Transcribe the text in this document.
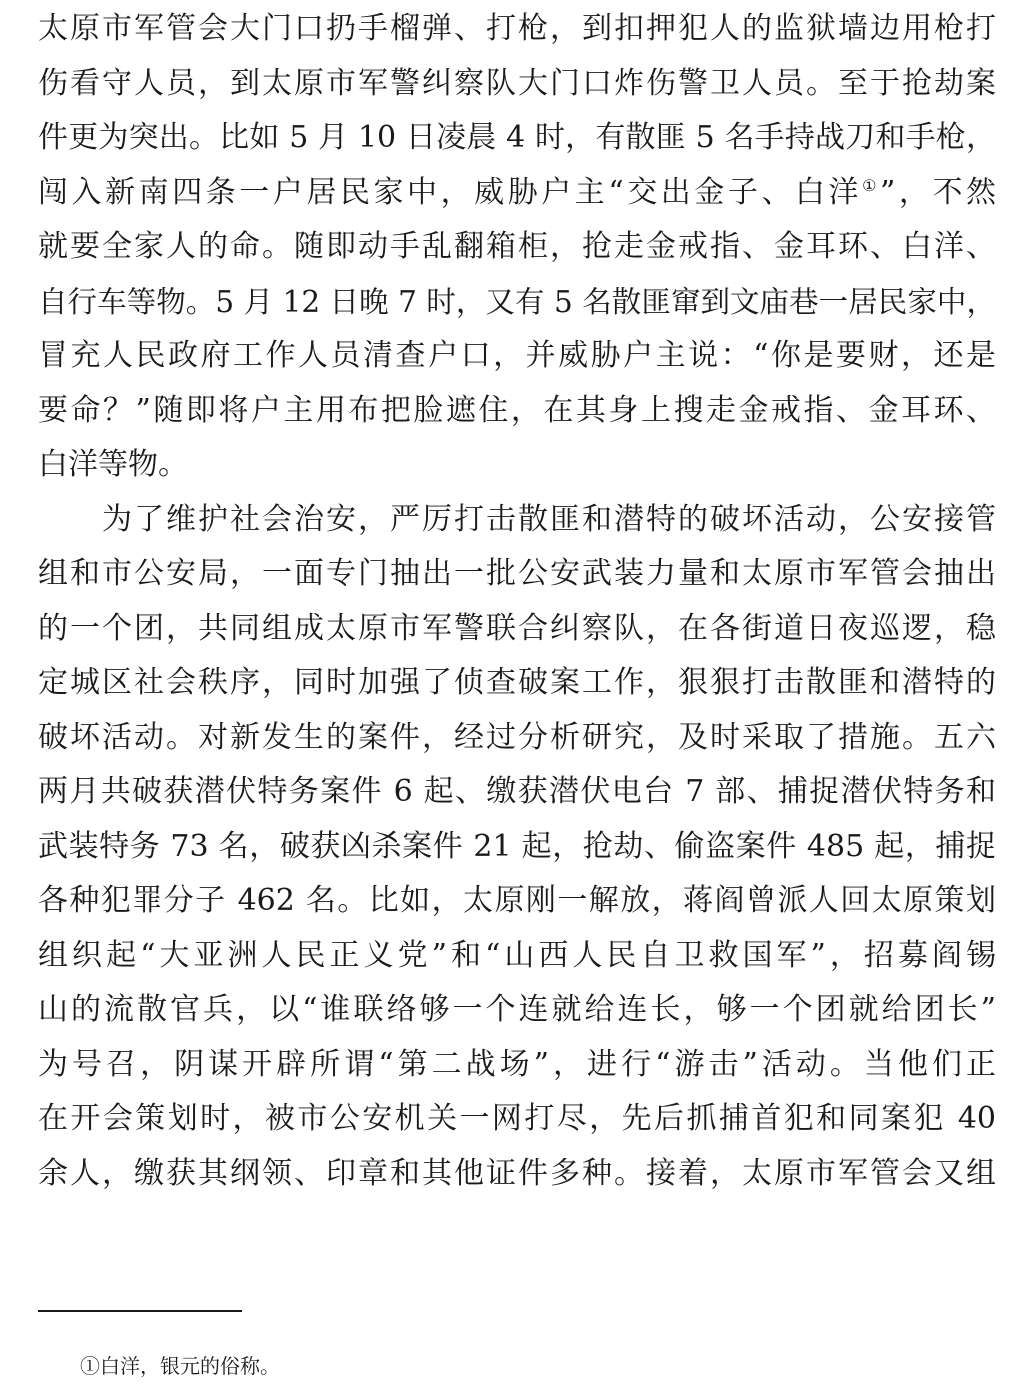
太原市军管会大门口扔手榴弹、打枪，到扣押犯人的监狱墙边用枪打
伤看守人员，到太原市军警纠察队大门口炸伤警卫人员。至于抢劫案
件更为突出。比如 5 月 10 日凌晨 4 时，有散匪 5 名手持战刀和手枪，
闯入新南四条一户居民家中，威胁户主“交出金子、白洋①”，不然
就要全家人的命。随即动手乱翻箱柜，抢走金戒指、金耳环、白洋、
自行车等物。5 月 12 日晚 7 时，又有 5 名散匪窜到文庙巷一居民家中，
冒充人民政府工作人员清查户口，并威胁户主说：“你是要财，还是
要命？”随即将户主用布把脸遮住，在其身上搜走金戒指、金耳环、
白洋等物。
为了维护社会治安，严厉打击散匪和潜特的破坏活动，公安接管
组和市公安局，一面专门抽出一批公安武装力量和太原市军管会抽出
的一个团，共同组成太原市军警联合纠察队，在各街道日夜巡逻，稳
定城区社会秩序，同时加强了侦查破案工作，狠狠打击散匪和潜特的
破坏活动。对新发生的案件，经过分析研究，及时采取了措施。五六
两月共破获潜伏特务案件 6 起、缴获潜伏电台 7 部、捕捉潜伏特务和
武装特务 73 名，破获凶杀案件 21 起，抢劫、偷盗案件 485 起，捕捉
各种犯罪分子 462 名。比如，太原刚一解放，蒋阎曾派人回太原策划
组织起“大亚洲人民正义党”和“山西人民自卫救国军”，招募阎锡
山的流散官兵，以“谁联络够一个连就给连长，够一个团就给团长”
为号召，阴谋开辟所谓“第二战场”，进行“游击”活动。当他们正
在开会策划时，被市公安机关一网打尽，先后抓捕首犯和同案犯 40
余人，缴获其纲领、印章和其他证件多种。接着，太原市军管会又组
①白洋，银元的俗称。
